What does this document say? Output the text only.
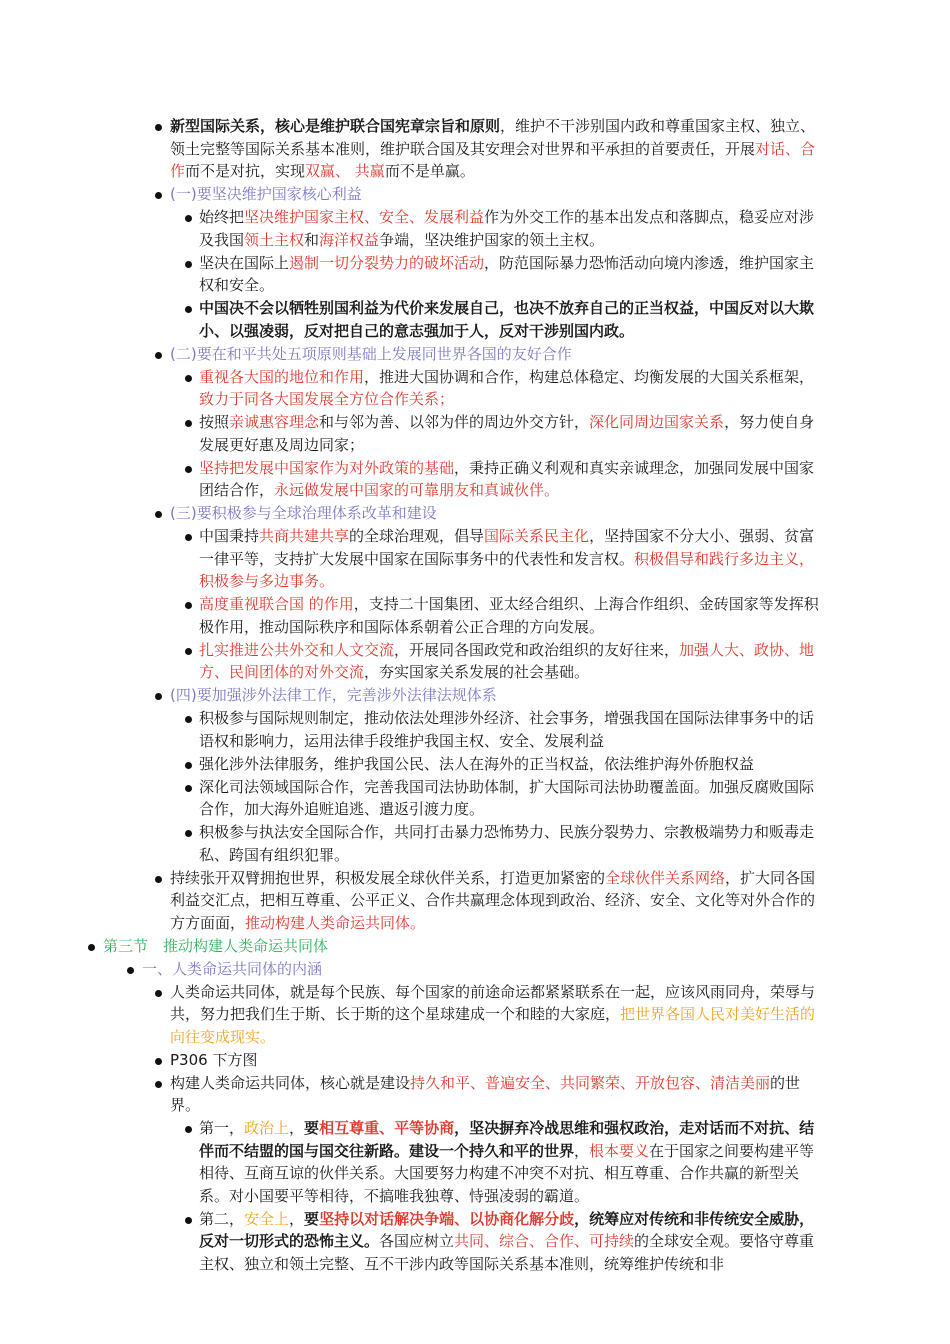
新型国际关系，核心是维护联合国宪章宗旨和原则，维护不干涉别国内政和尊重国家主权、独立、领土完整等国际关系基本准则，维护联合国及其安理会对世界和平承担的首要责任，开展对话、合作而不是对抗，实现双赢、 共赢而不是单赢。
(一)要坚决维护国家核心利益
始终把坚决维护国家主权、安全、发展利益作为外交工作的基本出发点和落脚点，稳妥应对涉及我国领土主权和海洋权益争端，坚决维护国家的领土主权。
坚决在国际上遏制一切分裂势力的破坏活动，防范国际暴力恐怖活动向境内渗透，维护国家主权和安全。
中国决不会以牺牲别国利益为代价来发展自己，也决不放弃自己的正当权益，中国反对以大欺小、以强凌弱，反对把自己的意志强加于人，反对干涉别国内政。
(二)要在和平共处五项原则基础上发展同世界各国的友好合作
重视各大国的地位和作用，推进大国协调和合作，构建总体稳定、均衡发展的大国关系框架，致力于同各大国发展全方位合作关系；
按照亲诚惠容理念和与邻为善、以邻为伴的周边外交方针，深化同周边国家关系，努力使自身发展更好惠及周边同家；
坚持把发展中国家作为对外政策的基础，秉持正确义利观和真实亲诚理念，加强同发展中国家团结合作，永远做发展中国家的可靠朋友和真诚伙伴。
(三)要积极参与全球治理体系改革和建设
中国秉持共商共建共享的全球治理观，倡导国际关系民主化，坚持国家不分大小、强弱、贫富一律平等，支持扩大发展中国家在国际事务中的代表性和发言权。积极倡导和践行多边主义，积极参与多边事务。
高度重视联合国 的作用，支持二十国集团、亚太经合组织、上海合作组织、金砖国家等发挥积极作用，推动国际秩序和国际体系朝着公正合理的方向发展。
扎实推进公共外交和人文交流，开展同各国政党和政治组织的友好往来，加强人大、政协、地方、民间团体的对外交流，夯实国家关系发展的社会基础。
(四)要加强涉外法律工作，完善涉外法律法规体系
积极参与国际规则制定，推动依法处理涉外经济、社会事务，增强我国在国际法律事务中的话语权和影响力，运用法律手段维护我国主权、安全、发展利益
强化涉外法律服务，维护我国公民、法人在海外的正当权益，依法维护海外侨胞权益
深化司法领域国际合作，完善我国司法协助体制，扩大国际司法协助覆盖面。加强反腐败国际合作，加大海外追赃追逃、遣返引渡力度。
积极参与执法安全国际合作，共同打击暴力恐怖势力、民族分裂势力、宗教极端势力和贩毒走私、跨国有组织犯罪。
持续张开双臂拥抱世界，积极发展全球伙伴关系，打造更加紧密的全球伙伴关系网络，扩大同各国利益交汇点，把相互尊重、公平正义、合作共赢理念体现到政治、经济、安全、文化等对外合作的方方面面，推动构建人类命运共同体。
第三节　推动构建人类命运共同体
一、人类命运共同体的内涵
人类命运共同体，就是每个民族、每个国家的前途命运都紧紧联系在一起，应该风雨同舟，荣辱与共，努力把我们生于斯、长于斯的这个星球建成一个和睦的大家庭，把世界各国人民对美好生活的向往变成现实。
P306 下方图
构建人类命运共同体，核心就是建设持久和平、普遍安全、共同繁荣、开放包容、清洁美丽的世界。
第一，政治上，要相互尊重、平等协商，坚决摒弃冷战思维和强权政治，走对话而不对抗、结伴而不结盟的国与国交往新路。建设一个持久和平的世界，根本要义在于国家之间要构建平等相待、互商互谅的伙伴关系。大国要努力构建不冲突不对抗、相互尊重、合作共赢的新型关系。对小国要平等相待，不搞唯我独尊、恃强凌弱的霸道。
第二，安全上，要坚持以对话解决争端、以协商化解分歧，统筹应对传统和非传统安全威胁，反对一切形式的恐怖主义。各国应树立共同、综合、合作、可持续的全球安全观。要恪守尊重主权、独立和领土完整、互不干涉内政等国际关系基本准则，统筹维护传统和非
